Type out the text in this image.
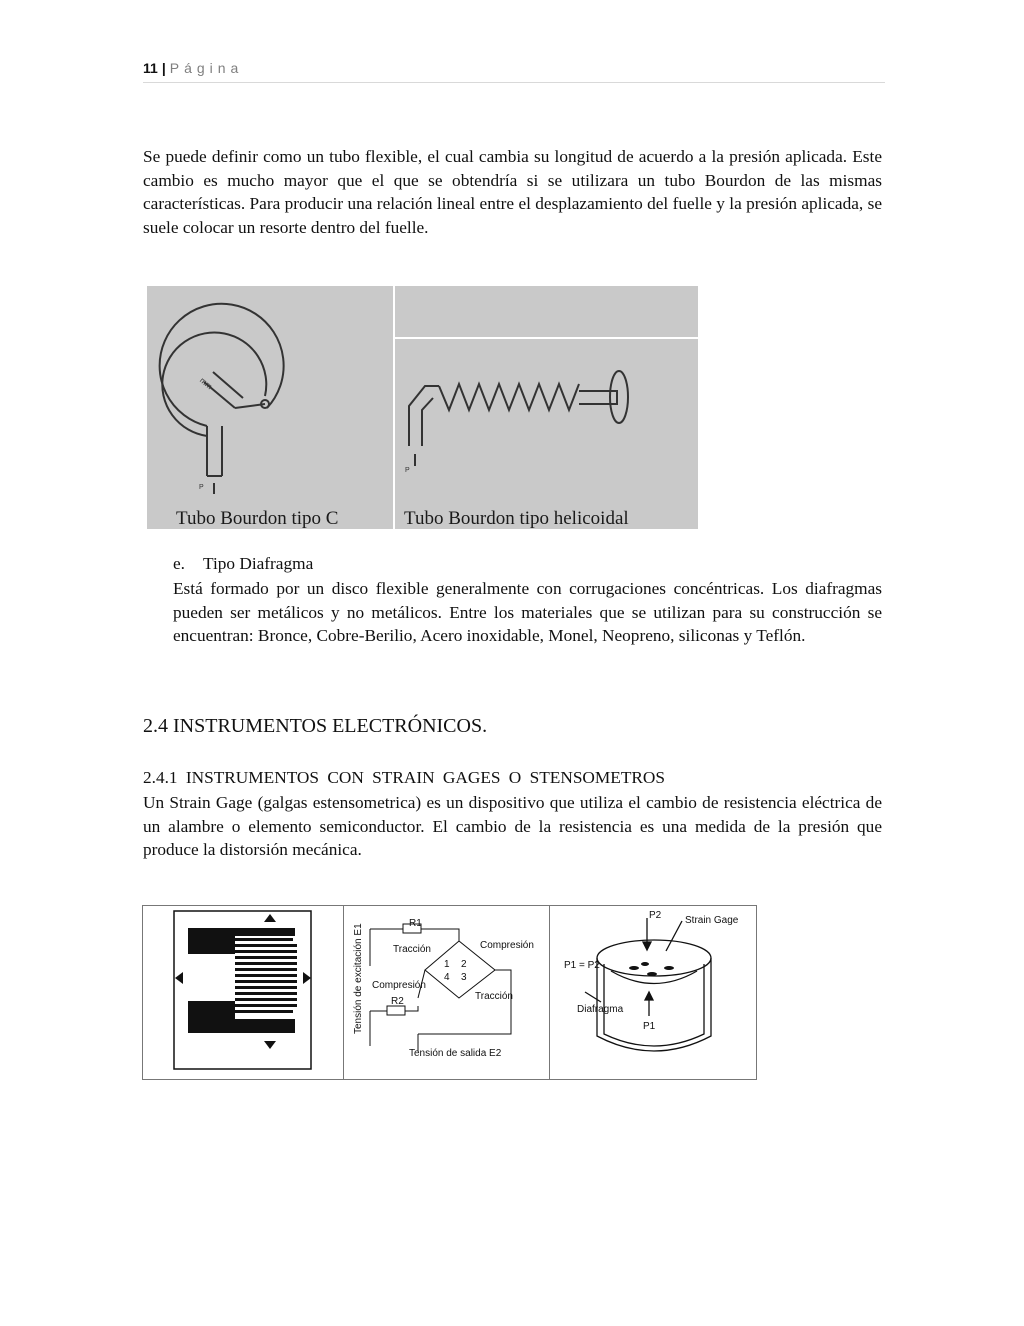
11 | Página
Se puede definir como un tubo flexible, el cual cambia su longitud de acuerdo a la presión aplicada. Este cambio es mucho mayor que el que se obtendría si se utilizara un tubo Bourdon de las mismas características. Para producir una relación lineal entre el desplazamiento del fuelle y la presión aplicada, se suele colocar un resorte dentro del fuelle.
P
mm
P
Tubo Bourdon tipo C	Tubo Bourdon tipo helicoidal
e. Tipo Diafragma
Está formado por un disco flexible generalmente con corrugaciones concéntricas. Los diafragmas pueden ser metálicos y no metálicos. Entre los materiales que se utilizan para su construcción se encuentran: Bronce, Cobre-Berilio, Acero inoxidable, Monel, Neopreno, siliconas y Teflón.
2.4 INSTRUMENTOS ELECTRÓNICOS.
2.4.1 INSTRUMENTOS CON STRAIN GAGES O STENSOMETROS
Un Strain Gage (galgas estensometrica) es un dispositivo que utiliza el cambio de resistencia eléctrica de un alambre o elemento semiconductor. El cambio de la resistencia es una medida de la presión que produce la distorsión mecánica.
Tensión de excitación E1	Tracción	Compresión
Compresión
Tracción
R1
R2
1 2
3
4
Tensión de salida E2
Strain Gage
P2
P1 = P2
Diafragma
P1
